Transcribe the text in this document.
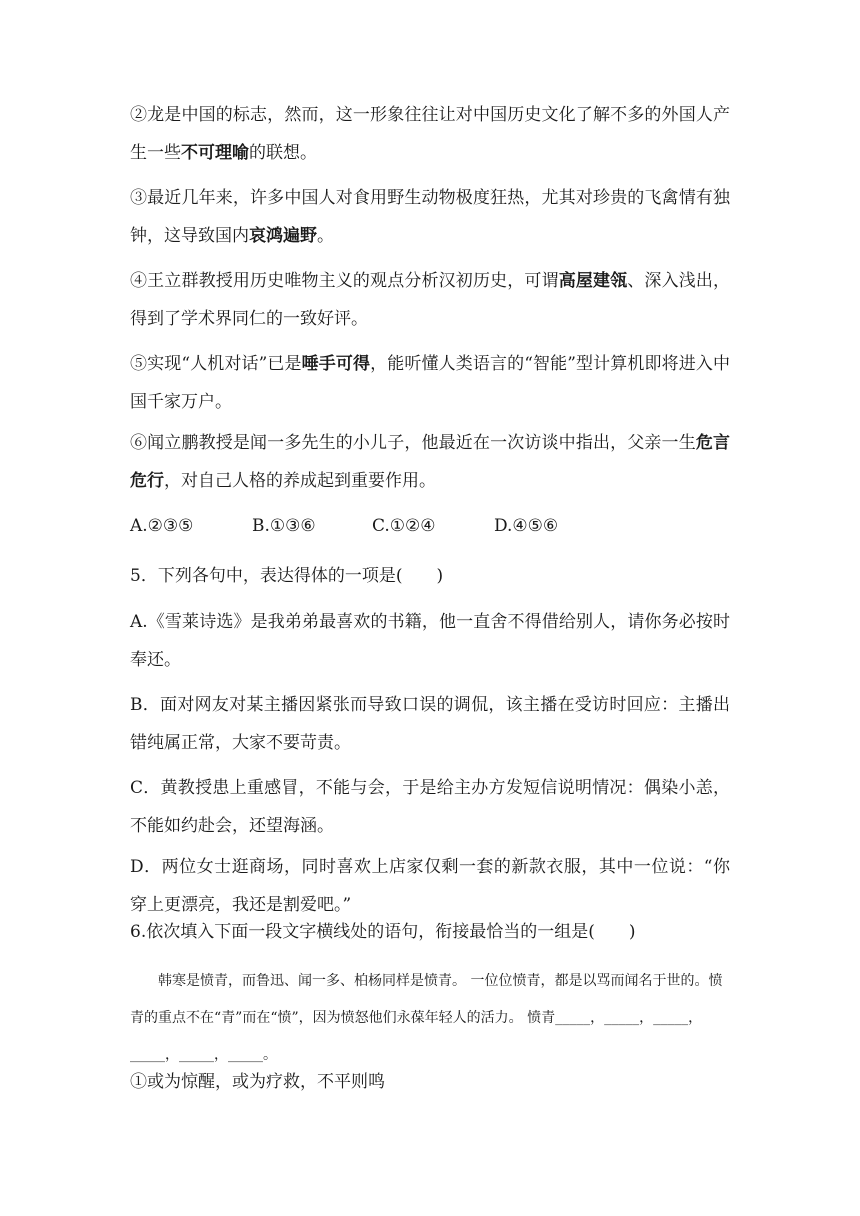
②龙是中国的标志，然而，这一形象往往让对中国历史文化了解不多的外国人产生一些不可理喻的联想。

③最近几年来，许多中国人对食用野生动物极度狂热，尤其对珍贵的飞禽情有独钟，这导致国内哀鸿遍野。

④王立群教授用历史唯物主义的观点分析汉初历史，可谓高屋建瓴、深入浅出，得到了学术界同仁的一致好评。

⑤实现“人机对话”已是唾手可得，能听懂人类语言的“智能”型计算机即将进入中国千家万户。

⑥闻立鹏教授是闻一多先生的小儿子，他最近在一次访谈中指出，父亲一生危言危行，对自己人格的养成起到重要作用。

A.②③⑤	B.①③⑥	C.①②④	D.④⑤⑥

5．下列各句中，表达得体的一项是(　　)

A.《雪莱诗选》是我弟弟最喜欢的书籍，他一直舍不得借给别人，请你务必按时奉还。

B．面对网友对某主播因紧张而导致口误的调侃，该主播在受访时回应：主播出错纯属正常，大家不要苛责。

C．黄教授患上重感冒，不能与会，于是给主办方发短信说明情况：偶染小恙，不能如约赴会，还望海涵。

D．两位女士逛商场，同时喜欢上店家仅剩一套的新款衣服，其中一位说：“你穿上更漂亮，我还是割爱吧。”

6.依次填入下面一段文字横线处的语句，衔接最恰当的一组是(　　)

韩寒是愤青，而鲁迅、闻一多、柏杨同样是愤青。 一位位愤青，都是以骂而闻名于世的。愤青的重点不在“青”而在“愤”，因为愤怒他们永葆年轻人的活力。 愤青_____，_____，_____，　_____，_____，_____。

①或为惊醒，或为疗救，不平则鸣
